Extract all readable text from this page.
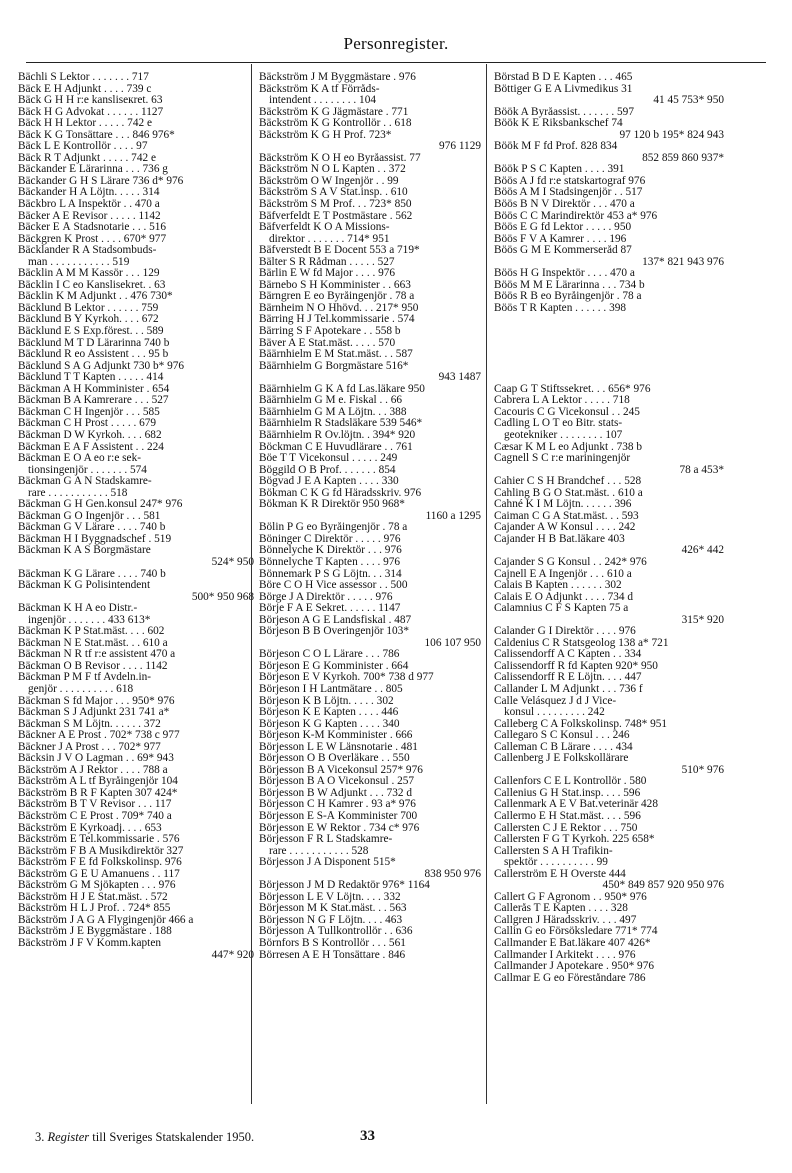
Personregister.
Bächli S Lektor . . . . . . . 717
Bäck E H Adjunkt . . . . 739 c
Bäck G H H r:e kansliseкret. 63
Bäck H G Advokat . . . . . . 1127
Bäck H H Lektor . . . . . 742 e
Bäck K G Tonsättare . . . 846 976*
Bäck L E Kontrollör . . . . 97
Bäck R T Adjunkt . . . . . 742 e
Bäckander E Lärarinna . . . 736 g
Bäckander G H S Lärare 736 d* 976
Bäckander H A Löjtn. . . . . 314
Bäckbro L A Inspektör . . 470 a
Bäcker A E Revisor . . . . . 1142
Bäcker E Å Stadsnotarie . . . 516
Bäckgren K Prost . . . . 670* 977
Bäcklander R A Stadsombuds-
man . . . . . . . . . . . 519
Bäcklin A M M Kassör . . . 129
Bäcklin I C eo Kanslisekret. . 63
Bäcklin K M Adjunkt . . 476 730*
Bäcklund B Lektor . . . . . . 759
Bäcklund B Y Kyrkoh. . . . 672
Bäcklund E S Exp.förest. . . 589
Bäcklund M T D Lärarinna 740 b
Bäcklund R eo Assistent . . . 95 b
Bäcklund S A G Adjunkt 730 b* 976
Bäcklund T T Kapten . . . . . 414
Bäckman A H Komminister . 654
Bäckman B A Kamrerare . . . 527
Bäckman C H Ingenjör . . . 585
Bäckman C H Prost . . . . . 679
Bäckman D W Kyrkoh. . . . 682
Bäckman E A F Assistent . . 224
Bäckman E O A eo r:e sek-
tionsingenjör . . . . . . . 574
Bäckman G A N Stadskamre-
rare . . . . . . . . . . . 518
Bäckman G H Gen.konsul 247* 976
Bäckman G O Ingenjör . . . 581
Bäckman G V Lärare . . . . 740 b
Bäckman H I Byggnadschef . 519
Bäckman K A S Borgmästare
524* 950
Bäckman K G Lärare . . . . 740 b
Bäckman K G Polisintendent
500* 950 968
Bäckman K H A eo Distr.-
ingenjör . . . . . . . 433 613*
Bäckman K P Stat.mäst. . . . 602
Bäckman N E Stat.mäst. . . 610 a
Bäckman N R tf r:e assistent 470 a
Bäckman O B Revisor . . . . 1142
Bäckman P M F tf Avdeln.in-
genjör . . . . . . . . . . 618
Bäckman S fd Major . . . 950* 976
Bäckman S J Adjunkt 231 741 a*
Bäckman S M Löjtn. . . . . . 372
Bäckner A E Prost . 702* 738 c 977
Bäckner J A Prost . . . 702* 977
Bäcksin J V O Lagman . . 69* 943
Bäckström A J Rektor . . . . 788 a
Bäckström A L tf Byråingenjör 104
Bäckström B R F Kapten 307 424*
Bäckström B T V Revisor . . . 117
Bäckström C E Prost . 709* 740 a
Bäckström E Kyrkoadj. . . . 653
Bäckström E Tel.kommissarie . 576
Bäckström F B A Musikdirektör 327
Bäckström F E fd Folkskolinsp. 976
Bäckström G E U Amanuens . . 117
Bäckström G M Sjökapten . . . 976
Bäckström H J E Stat.mäst. . 572
Bäckström H L J Prof. . 724* 855
Bäckström J A G A Flygingenjör 466 a
Bäckström J E Byggmästare . 188
Bäckström J F V Komm.kapten
447* 920
Bäckström J M Byggmästare . 976
Bäckström K A tf Förråds-
intendent . . . . . . . . 104
Bäckström K G Jägmästare . 771
Bäckström K G Kontrollör . . 618
Bäckström K G H Prof. 723*
976 1129
Bäckström K O H eo Byråassist. 77
Bäckström N O L Kapten . . 372
Bäckström O W Ingenjör . . 99
Bäckström S A V Stat.insp. . 610
Bäckström S M Prof. . . 723* 850
Bäfverfeldt E T Postmästare . 562
Bäfverfeldt K O A Missions-
direktor . . . . . . . 714* 951
Bäfverstedt B E Docent 553 a 719*
Bälter S R Rådman . . . . . 527
Bärlin E W fd Major . . . . 976
Bärnebo S H Komminister . . 663
Bärngren E eo Byråingenjör . 78 a
Bärnheim N O Hhövd. . . 217* 950
Bärring H J Tel.kommissarie . 574
Bärring S F Apotekare . . 558 b
Bäver A E Stat.mäst. . . . . 570
Bäärnhielm E M Stat.mäst. . . 587
Bäärnhielm G Borgmästare 516*
943 1487
Bäärnhielm G K A fd Las.läkare 950
Bäärnhielm G M e. Fiskal . . 66
Bäärnhielm G M A Löjtn. . . 388
Bäärnhielm R Stadsläkare 539 546*
Bäärnhielm R Öv.löjtn. . 394* 920
Böckman C E Huvudlärare . . 761
Böe T T Vicekonsul . . . . . 249
Böggild O B Prof. . . . . . . 854
Bögvad J E A Kapten . . . . 330
Bökman C K G fd Häradsskriv. 976
Bökman K R Direktör 950 968*
1160 a 1295
Bölin P G eo Byråingenjör . 78 a
Böninger C Direktör . . . . . 976
Bönnelyche K Direktör . . . 976
Bönnelyche T Kapten . . . . 976
Bönnemark P S G Löjtn. . . 314
Böre C O H Vice assessor . . 500
Börge J A Direktör . . . . . 976
Börje F A E Sekret. . . . . . 1147
Börjeson A G E Landsfiskal . 487
Börjeson B B Överingenjör 103*
106 107 950
Börjeson C O L Lärare . . . 786
Börjeson E G Komminister . 664
Börjeson E V Kyrkoh. 700* 738 d 977
Börjeson I H Lantmätare . . 805
Börjeson K B Löjtn. . . . . 302
Börjeson K E Kapten . . . . 446
Börjeson K G Kapten . . . . 340
Börjeson K-M Komminister . 666
Börjesson L E W Länsnotarie . 481
Börjesson O B Överläkare . . 550
Börjesson B A Vicekonsul 257* 976
Börjesson B A O Vicekonsul . 257
Börjesson B W Adjunkt . . . 732 d
Börjesson C H Kamrer . 93 a* 976
Börjesson E S-Å Komminister 700
Börjesson E W Rektor . 734 c* 976
Börjesson F R L Stadskamre-
rare . . . . . . . . . . . 528
Börjesson J A Disponent 515*
838 950 976
Börjesson J M D Redaktör 976* 1164
Börjesson L E V Löjtn. . . . 332
Börjesson M K Stat.mäst. . . 563
Börjesson N G F Löjtn. . . . 463
Börjesson Å Tullkontrollör . . 636
Börnfors B S Kontrollör . . . 561
Börresen A E H Tonsättare . 846
Börstad B D E Kapten . . . 465
Böttiger G E A Livmedikus 31
41 45 753* 950
Böök A Byråassist. . . . . . . 597
Böök K E Riksbankschef 74
97 120 b 195* 824 943
Böök M F fd Prof. 828 834
852 859 860 937*
Böök P S C Kapten . . . . 391
Böös A J fd r:e statskartograf 976
Böös A M I Stadsingenjör . . 517
Böös B N V Direktör . . . 470 a
Böös C C Marindirektör 453 a* 976
Böös E G fd Lektor . . . . . 950
Böös F V A Kamrer . . . . 196
Böös G M E Kommerseråd 87
137* 821 943 976
Böös H G Inspektör . . . . 470 a
Böös M M E Lärarinna . . . 734 b
Böös R B eo Byråingenjör . 78 a
Böös T R Kapten . . . . . . 398

Caap G T Stiftssekret. . . 656* 976
Cabrera L A Lektor . . . . . 718
Cacouris C G Vicekonsul . . 245
Cadling L O T eo Bitr. stats-
geotekniker . . . . . . . . 107
Cæsar K M L eo Adjunkt . 738 b
Cagnell S C r:e mariningenjör
78 a 453*
Cahier C S H Brandchef . . . 528
Cahling B G O Stat.mäst. . 610 a
Cahné K I M Löjtn. . . . . . 396
Caiman C G A Stat.mäst. . . 593
Cajander A W Konsul . . . . 242
Cajander H B Bat.läkare 403
426* 442
Cajander S G Konsul . . 242* 976
Cajnell E A Ingenjör . . . 610 a
Calais B Kapten . . . . . . 302
Calais E O Adjunkt . . . . 734 d
Calamnius C F S Kapten 75 a
315* 920
Calander G I Direktör . . . . 976
Caldenius C R Statsgeolog 138 a* 721
Calissendorff A C Kapten . . 334
Calissendorff R fd Kapten 920* 950
Calissendorff R E Löjtn. . . . 447
Callander L M Adjunkt . . . 736 f
Calle Velásquez J d J Vice-
konsul . . . . . . . . . 242
Calleberg C A Folkskolinsp. 748* 951
Callegaro S C Konsul . . . 246
Calleman C B Lärare . . . . 434
Callenberg J E Folkskollärare
510* 976
Callenfors C E L Kontrollör . 580
Callenius G H Stat.insp. . . . 596
Callenmark A E V Bat.veterinär 428
Callermo E H Stat.mäst. . . . 596
Callersten C J E Rektor . . . 750
Callersten F G T Kyrkoh. 225 658*
Callersten S A H Trafikin-
spektör . . . . . . . . . . 99
Callerström E H Överste 444
450* 849 857 920 950 976
Callert G F Agronom . . 950* 976
Callerås T E Kapten . . . . 328
Callgren J Häradsskriv. . . . 497
Callin G eo Försöksledare 771* 774
Callmander E Bat.läkare 407 426*
Callmander I Arkitekt . . . . 976
Callmander J Apotekare . 950* 976
Callmar E G eo Föreståndare 786
3. Register till Sveriges Statskalender 1950.	33
